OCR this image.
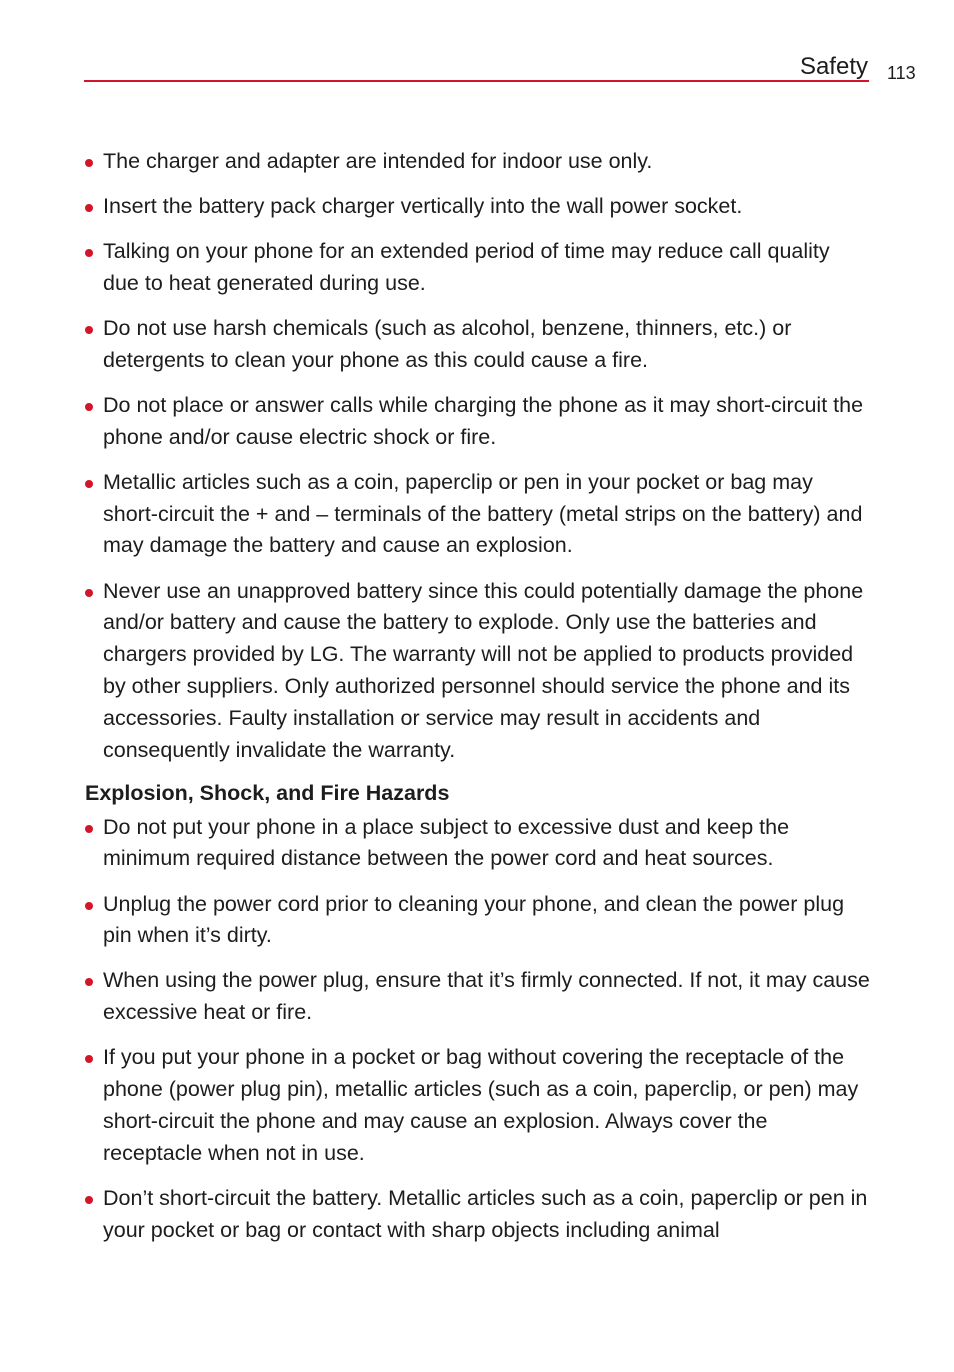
Safety 113
The charger and adapter are intended for indoor use only.
Insert the battery pack charger vertically into the wall power socket.
Talking on your phone for an extended period of time may reduce call quality due to heat generated during use.
Do not use harsh chemicals (such as alcohol, benzene, thinners, etc.) or detergents to clean your phone as this could cause a fire.
Do not place or answer calls while charging the phone as it may short-circuit the phone and/or cause electric shock or fire.
Metallic articles such as a coin, paperclip or pen in your pocket or bag may short-circuit the + and – terminals of the battery (metal strips on the battery) and may damage the battery and cause an explosion.
Never use an unapproved battery since this could potentially damage the phone and/or battery and cause the battery to explode. Only use the batteries and chargers provided by LG. The warranty will not be applied to products provided by other suppliers. Only authorized personnel should service the phone and its accessories. Faulty installation or service may result in accidents and consequently invalidate the warranty.
Explosion, Shock, and Fire Hazards
Do not put your phone in a place subject to excessive dust and keep the minimum required distance between the power cord and heat sources.
Unplug the power cord prior to cleaning your phone, and clean the power plug pin when it’s dirty.
When using the power plug, ensure that it’s firmly connected. If not, it may cause excessive heat or fire.
If you put your phone in a pocket or bag without covering the receptacle of the phone (power plug pin), metallic articles (such as a coin, paperclip, or pen) may short-circuit the phone and may cause an explosion. Always cover the receptacle when not in use.
Don’t short-circuit the battery. Metallic articles such as a coin, paperclip or pen in your pocket or bag or contact with sharp objects including animal
